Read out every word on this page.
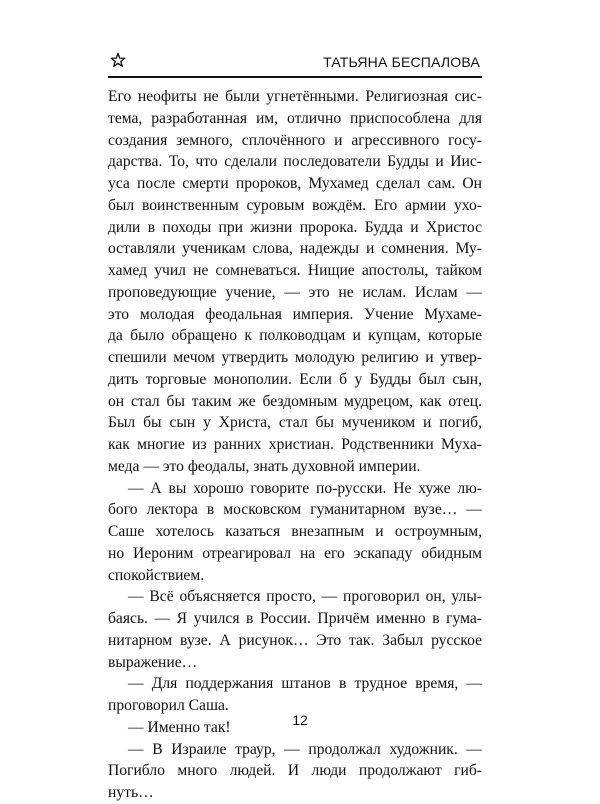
ТАТЬЯНА БЕСПАЛОВА
Его неофиты не были угнетёнными. Религиозная сис-
тема, разработанная им, отлично приспособлена для
создания земного, сплочённого и агрессивного госу-
дарства. То, что сделали последователи Будды и Иис-
уса после смерти пророков, Мухамед сделал сам. Он
был воинственным суровым вождём. Его армии ухо-
дили в походы при жизни пророка. Будда и Христос
оставляли ученикам слова, надежды и сомнения. Му-
хамед учил не сомневаться. Нищие апостолы, тайком
проповедующие учение, — это не ислам. Ислам —
это молодая феодальная империя. Учение Мухаме-
да было обращено к полководцам и купцам, которые
спешили мечом утвердить молодую религию и утвер-
дить торговые монополии. Если б у Будды был сын,
он стал бы таким же бездомным мудрецом, как отец.
Был бы сын у Христа, стал бы мучеником и погиб,
как многие из ранних христиан. Родственники Муха-
меда — это феодалы, знать духовной империи.
— А вы хорошо говорите по-русски. Не хуже лю-
бого лектора в московском гуманитарном вузе… —
Саше хотелось казаться внезапным и остроумным,
но Иероним отреагировал на его эскападу обидным
спокойствием.
— Всё объясняется просто, — проговорил он, улы-
баясь. — Я учился в России. Причём именно в гума-
нитарном вузе. А рисунок… Это так. Забыл русское
выражение…
— Для поддержания штанов в трудное время, —
проговорил Саша.
— Именно так!
— В Израиле траур, — продолжал художник. —
Погибло много людей. И люди продолжают гиб-
нуть…
12
